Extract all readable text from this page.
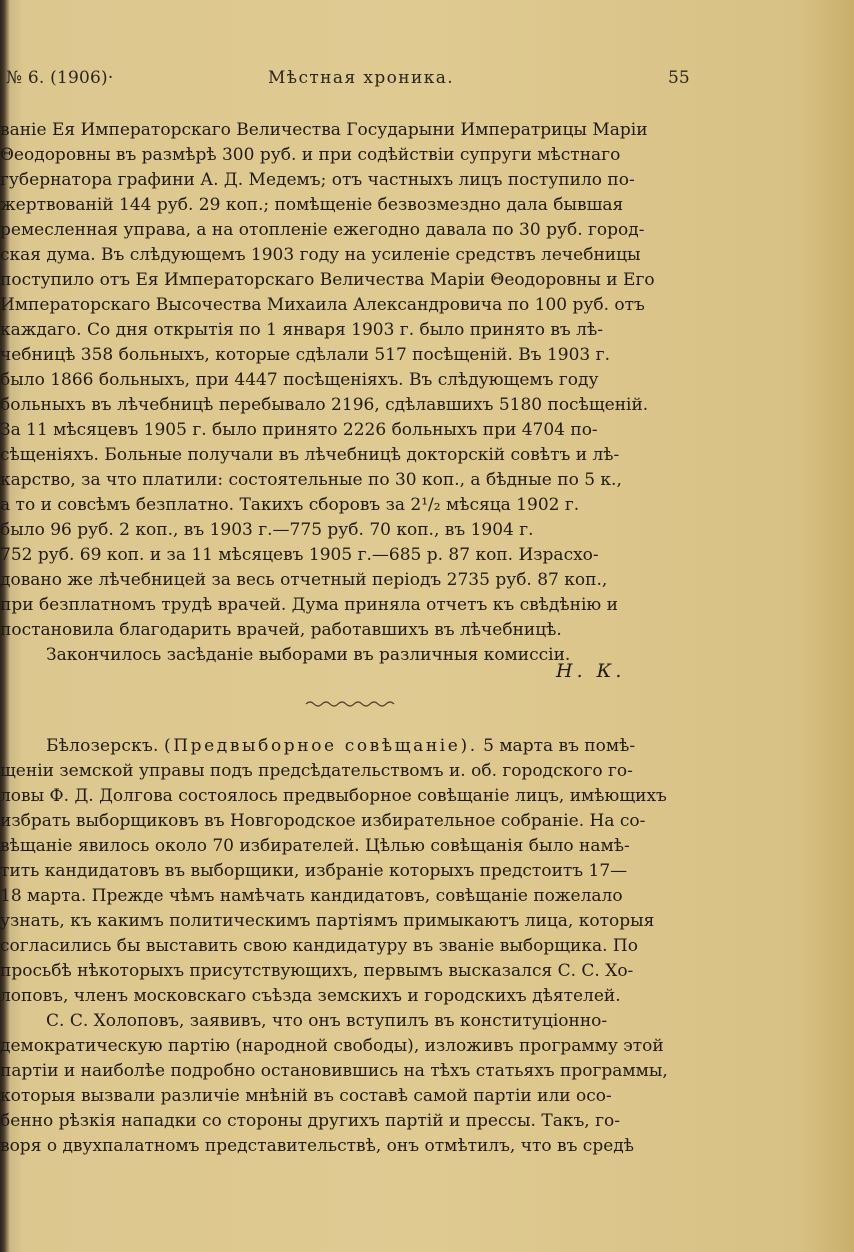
№ 6. (1906)·	Мѣстная хроника.	55
ваніе Ея Императорскаго Величества Государыни Императрицы Маріи
Θеодоровны въ размѣрѣ 300 руб. и при содѣйствіи супруги мѣстнаго
губернатора графини А. Д. Медемъ; отъ частныхъ лицъ поступило по-
жертвованій 144 руб. 29 коп.; помѣщеніе безвозмездно дала бывшая
ремесленная управа, а на отопленіе ежегодно давала по 30 руб. город-
ская дума. Въ слѣдующемъ 1903 году на усиленіе средствъ лечебницы
поступило отъ Ея Императорскаго Величества Маріи Θеодоровны и Его
Императорскаго Высочества Михаила Александровича по 100 руб. отъ
каждаго. Со дня открытія по 1 января 1903 г. было принято въ лѣ-
чебницѣ 358 больныхъ, которые сдѣлали 517 посѣщеній. Въ 1903 г.
было 1866 больныхъ, при 4447 посѣщеніяхъ. Въ слѣдующемъ году
больныхъ въ лѣчебницѣ перебывало 2196, сдѣлавшихъ 5180 посѣщеній.
За 11 мѣсяцевъ 1905 г. было принято 2226 больныхъ при 4704 по-
сѣщеніяхъ. Больные получали въ лѣчебницѣ докторскій совѣтъ и лѣ-
карство, за что платили: состоятельные по 30 коп., а бѣдные по 5 к.,
а то и совсѣмъ безплатно. Такихъ сборовъ за 2¹/₂ мѣсяца 1902 г.
было 96 руб. 2 коп., въ 1903 г.—775 руб. 70 коп., въ 1904 г.
752 руб. 69 коп. и за 11 мѣсяцевъ 1905 г.—685 р. 87 коп. Израсхо-
довано же лѣчебницей за весь отчетный періодъ 2735 руб. 87 коп.,
при безплатномъ трудѣ врачей. Дума приняла отчетъ къ свѣдѣнію и
постановила благодарить врачей, работавшихъ въ лѣчебницѣ.
Закончилось засѣданіе выборами въ различныя комиссіи.
Н. К.
Бѣлозерскъ. (Предвыборное совѣщаніе). 5 марта въ помѣ-
щеніи земской управы подъ предсѣдательствомъ и. об. городского го-
ловы Ф. Д. Долгова состоялось предвыборное совѣщаніе лицъ, имѣющихъ
избрать выборщиковъ въ Новгородское избирательное собраніе. На со-
вѣщаніе явилось около 70 избирателей. Цѣлью совѣщанія было намѣ-
тить кандидатовъ въ выборщики, избраніе которыхъ предстоитъ 17—
18 марта. Прежде чѣмъ намѣчать кандидатовъ, совѣщаніе пожелало
узнать, къ какимъ политическимъ партіямъ примыкаютъ лица, которыя
согласились бы выставить свою кандидатуру въ званіе выборщика. По
просьбѣ нѣкоторыхъ присутствующихъ, первымъ высказался С. С. Хо-
лоповъ, членъ московскаго съѣзда земскихъ и городскихъ дѣятелей.
С. С. Холоповъ, заявивъ, что онъ вступилъ въ конституціонно-
демократическую партію (народной свободы), изложивъ программу этой
партіи и наиболѣе подробно остановившись на тѣхъ статьяхъ программы,
которыя вызвали различіе мнѣній въ составѣ самой партіи или осо-
бенно рѣзкія нападки со стороны другихъ партій и прессы. Такъ, го-
воря о двухпалатномъ представительствѣ, онъ отмѣтилъ, что въ средѣ
